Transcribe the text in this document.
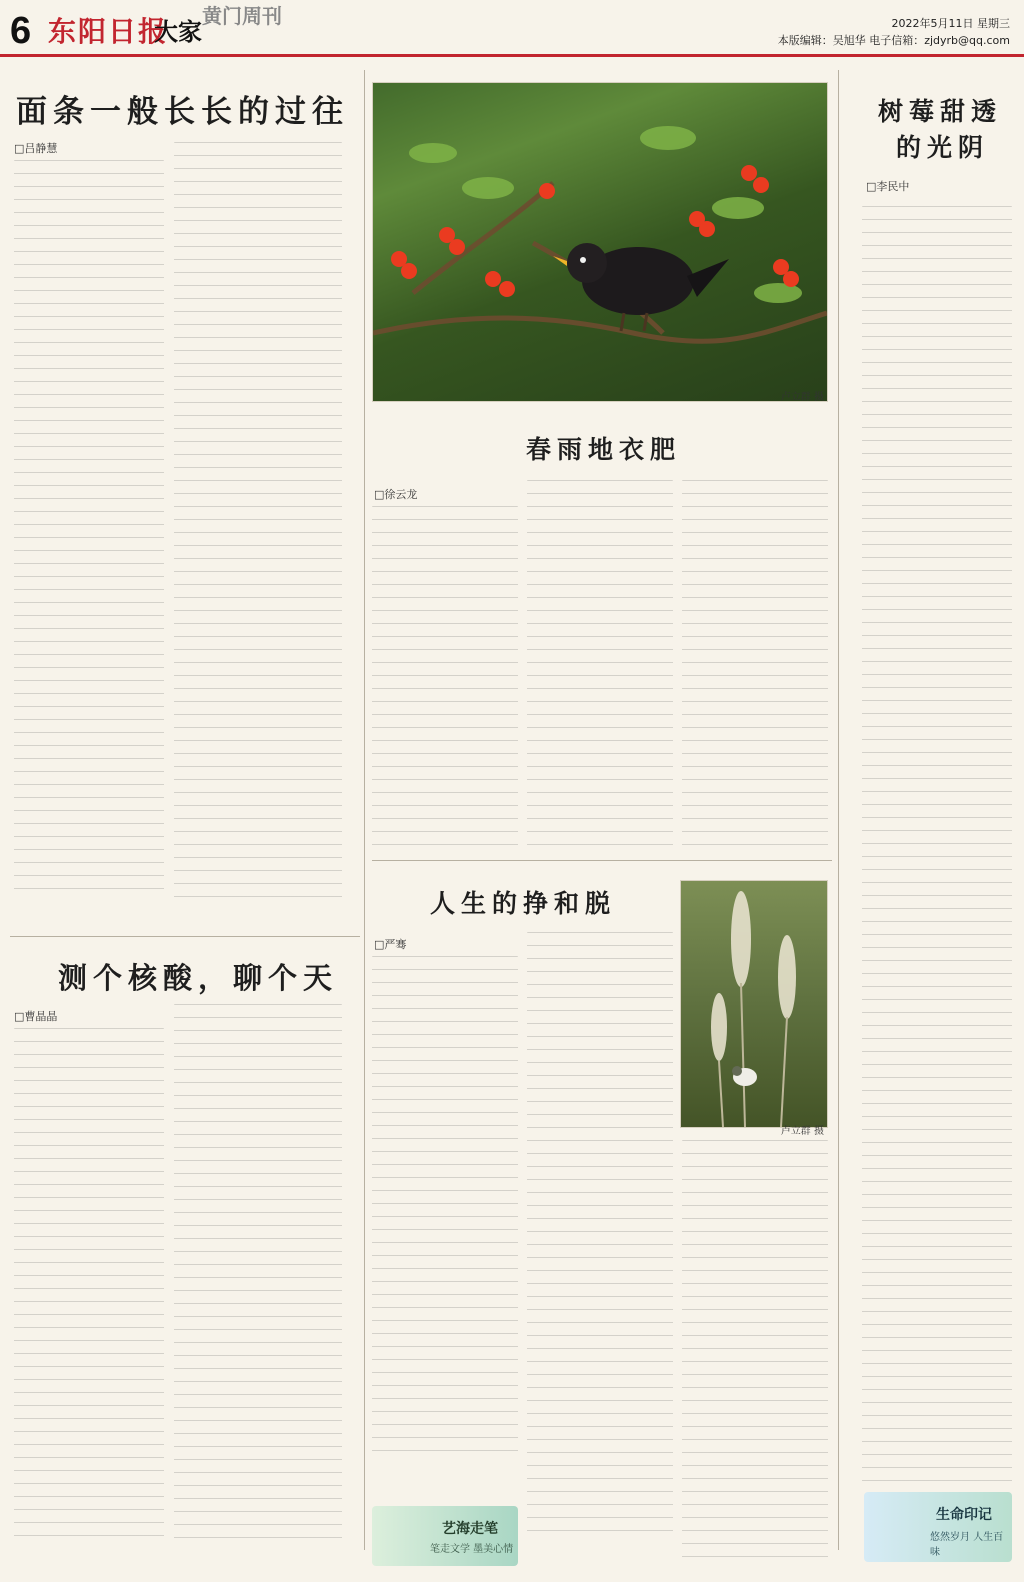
6 东阳日报
大家
黄门周刊	2022年5月11日 星期三
本版编辑：吴旭华 电子信箱：zjdyrb@qq.com
面条一般长长的过往
□吕静慧
测个核酸，聊个天
□曹晶晶
卢立群 摄
春雨地衣肥
□徐云龙
人生的挣和脱
□严骞
卢立群 摄
树莓甜透
的光阴
□李民中
艺海走笔
笔走文学 墨美心情
生命印记
悠然岁月 人生百味
